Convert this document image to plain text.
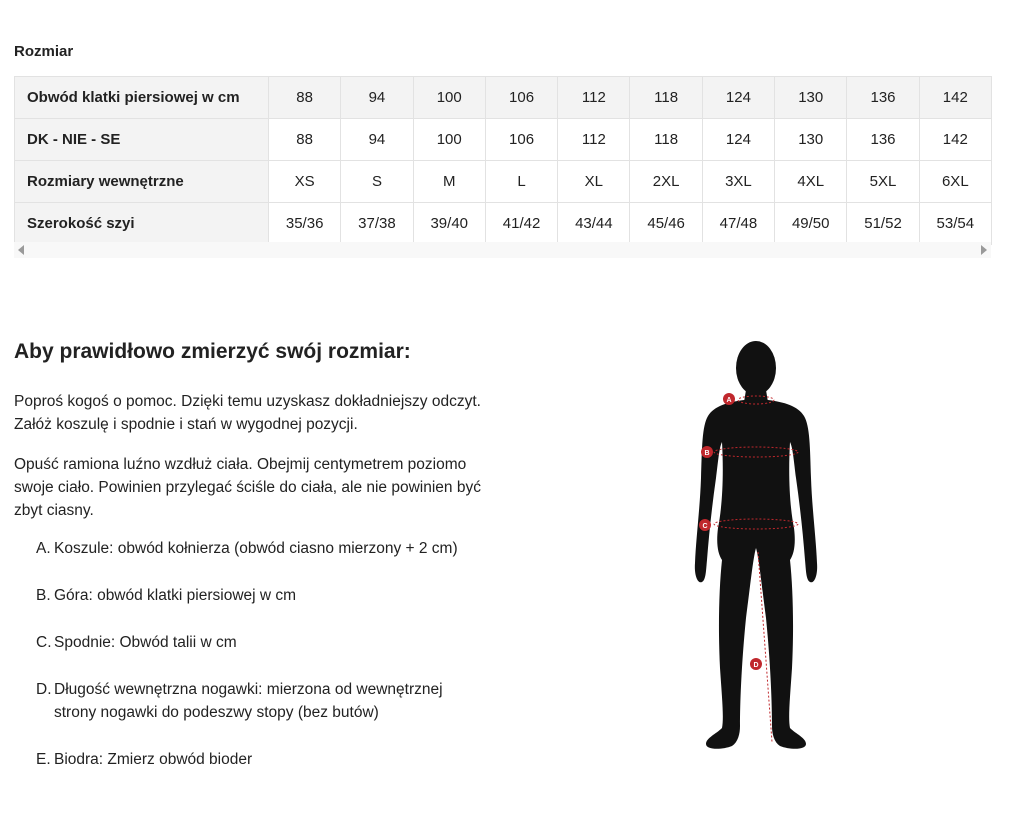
Rozmiar
Obwód klatki piersiowej w cm	88	94	100	106	112	118	124	130	136	142
DK - NIE - SE	88	94	100	106	112	118	124	130	136	142
Rozmiary wewnętrzne	XS	S	M	L	XL	2XL	3XL	4XL	5XL	6XL
Szerokość szyi	35/36	37/38	39/40	41/42	43/44	45/46	47/48	49/50	51/52	53/54
Aby prawidłowo zmierzyć swój rozmiar:

Poproś kogoś o pomoc. Dzięki temu uzyskasz dokładniejszy odczyt. Załóż koszulę i spodnie i stań w wygodnej pozycji.

Opuść ramiona luźno wzdłuż ciała. Obejmij centymetrem poziomo swoje ciało. Powinien przylegać ściśle do ciała, ale nie powinien być zbyt ciasny.

A. Koszule: obwód kołnierza (obwód ciasno mierzony + 2 cm)
B. Góra: obwód klatki piersiowej w cm
C. Spodnie: Obwód talii w cm
D. Długość wewnętrzna nogawki: mierzona od wewnętrznej strony nogawki do podeszwy stopy (bez butów)
E. Biodra: Zmierz obwód bioder
A
B
C
D
